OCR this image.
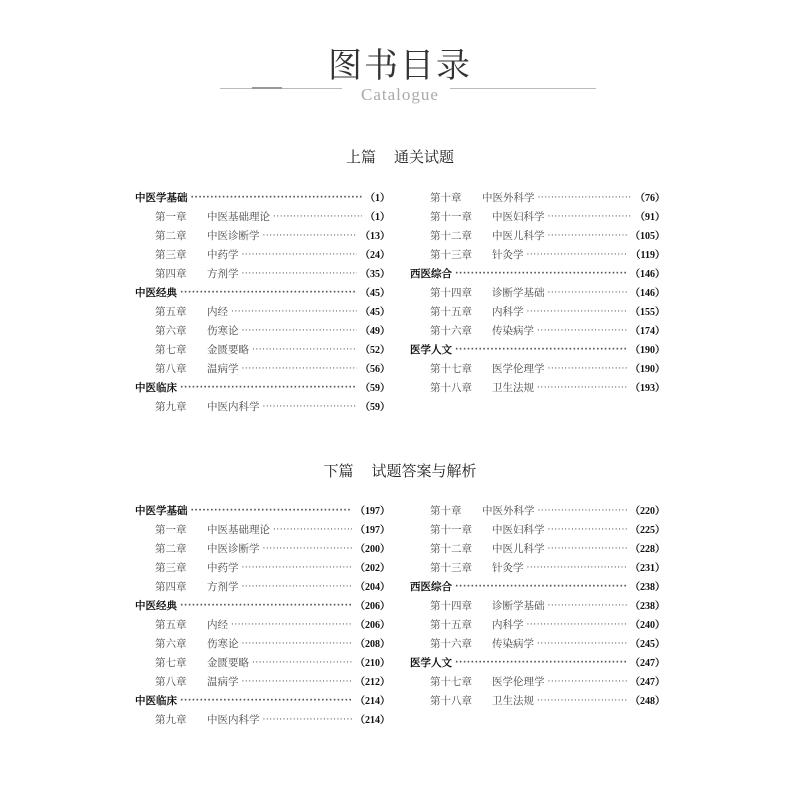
图书目录
Catalogue
上篇 通关试题
中医学基础 ·····	（1）
第一章	中医基础理论 ·····	（1）
第二章	中医诊断学 ·····	（13）
第三章	中药学 ·····	（24）
第四章	方剂学 ·····	（35）
中医经典 ·····	（45）
第五章	内经 ·····	（45）
第六章	伤寒论 ·····	（49）
第七章	金匮要略 ·····	（52）
第八章	温病学 ·····	（56）
中医临床 ·····	（59）
第九章	中医内科学 ·····	（59）
第十章	中医外科学 ·····	（76）
第十一章	中医妇科学 ·····	（91）
第十二章	中医儿科学 ·····	（105）
第十三章	针灸学 ·····	（119）
西医综合 ·····	（146）
第十四章	诊断学基础 ·····	（146）
第十五章	内科学 ·····	（155）
第十六章	传染病学 ·····	（174）
医学人文 ·····	（190）
第十七章	医学伦理学 ·····	（190）
第十八章	卫生法规 ·····	（193）
下篇 试题答案与解析
中医学基础 ·····	（197）
第一章	中医基础理论 ·····	（197）
第二章	中医诊断学 ·····	（200）
第三章	中药学 ·····	（202）
第四章	方剂学 ·····	（204）
中医经典 ·····	（206）
第五章	内经 ·····	（206）
第六章	伤寒论 ·····	（208）
第七章	金匮要略 ·····	（210）
第八章	温病学 ·····	（212）
中医临床 ·····	（214）
第九章	中医内科学 ·····	（214）
第十章	中医外科学 ·····	（220）
第十一章	中医妇科学 ·····	（225）
第十二章	中医儿科学 ·····	（228）
第十三章	针灸学 ·····	（231）
西医综合 ·····	（238）
第十四章	诊断学基础 ·····	（238）
第十五章	内科学 ·····	（240）
第十六章	传染病学 ·····	（245）
医学人文 ·····	（247）
第十七章	医学伦理学 ·····	（247）
第十八章	卫生法规 ·····	（248）
